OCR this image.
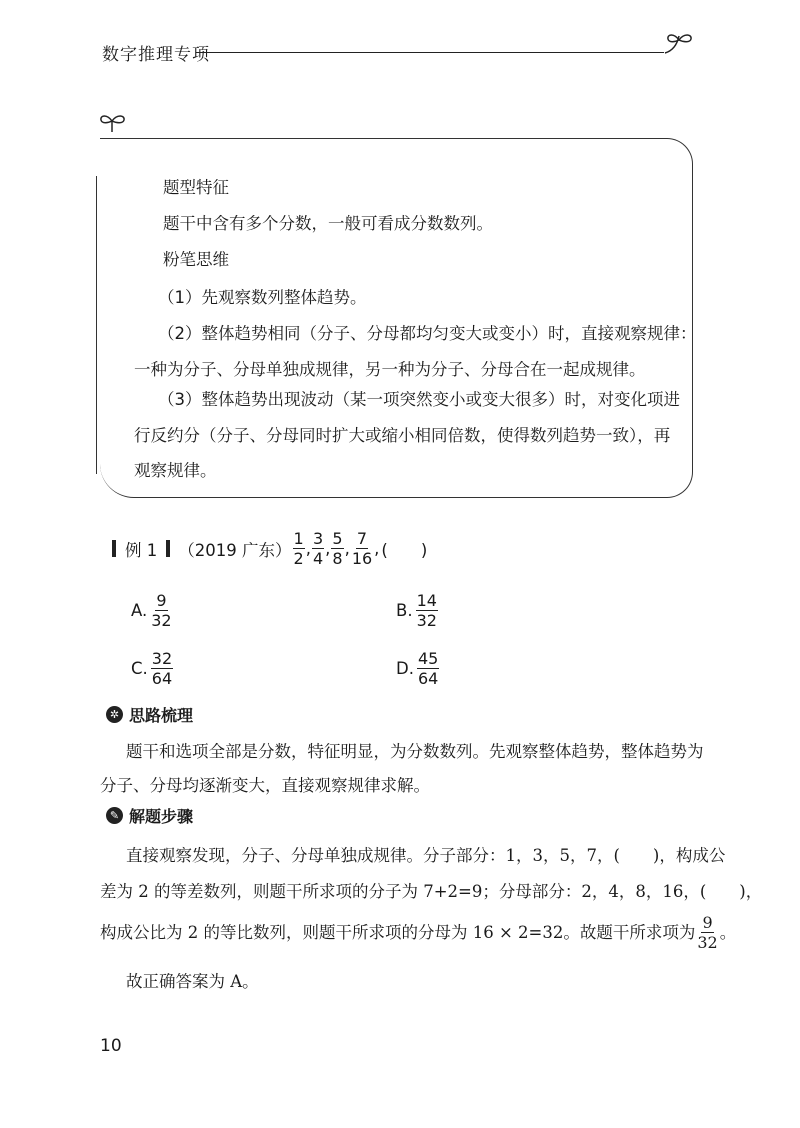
数字推理专项
题型特征
题干中含有多个分数，一般可看成分数数列。
粉笔思维
（1）先观察数列整体趋势。
（2）整体趋势相同（分子、分母都均匀变大或变小）时，直接观察规律：
一种为分子、分母单独成规律，另一种为分子、分母合在一起成规律。
（3）整体趋势出现波动（某一项突然变小或变大很多）时，对变化项进
行反约分（分子、分母同时扩大或缩小相同倍数，使得数列趋势一致），再
观察规律。
例 1 （2019 广东） $\frac{1}{2}$ , $\frac{3}{4}$ , $\frac{5}{8}$ , $\frac{7}{16}$ , (　　)
A. $\frac{9}{32}$	B. $\frac{14}{32}$
C. $\frac{32}{64}$	D. $\frac{45}{64}$
✲ 思路梳理
题干和选项全部是分数，特征明显，为分数数列。先观察整体趋势，整体趋势为
分子、分母均逐渐变大，直接观察规律求解。
✎ 解题步骤
直接观察发现，分子、分母单独成规律。分子部分：1，3，5，7，(　　)，构成公
差为 2 的等差数列，则题干所求项的分子为 7+2=9；分母部分：2，4，8，16，(　　)，
构成公比为 2 的等比数列，则题干所求项的分母为 16 × 2=32。故题干所求项为 $\frac{9}{32}$ 。
故正确答案为 A。
10
